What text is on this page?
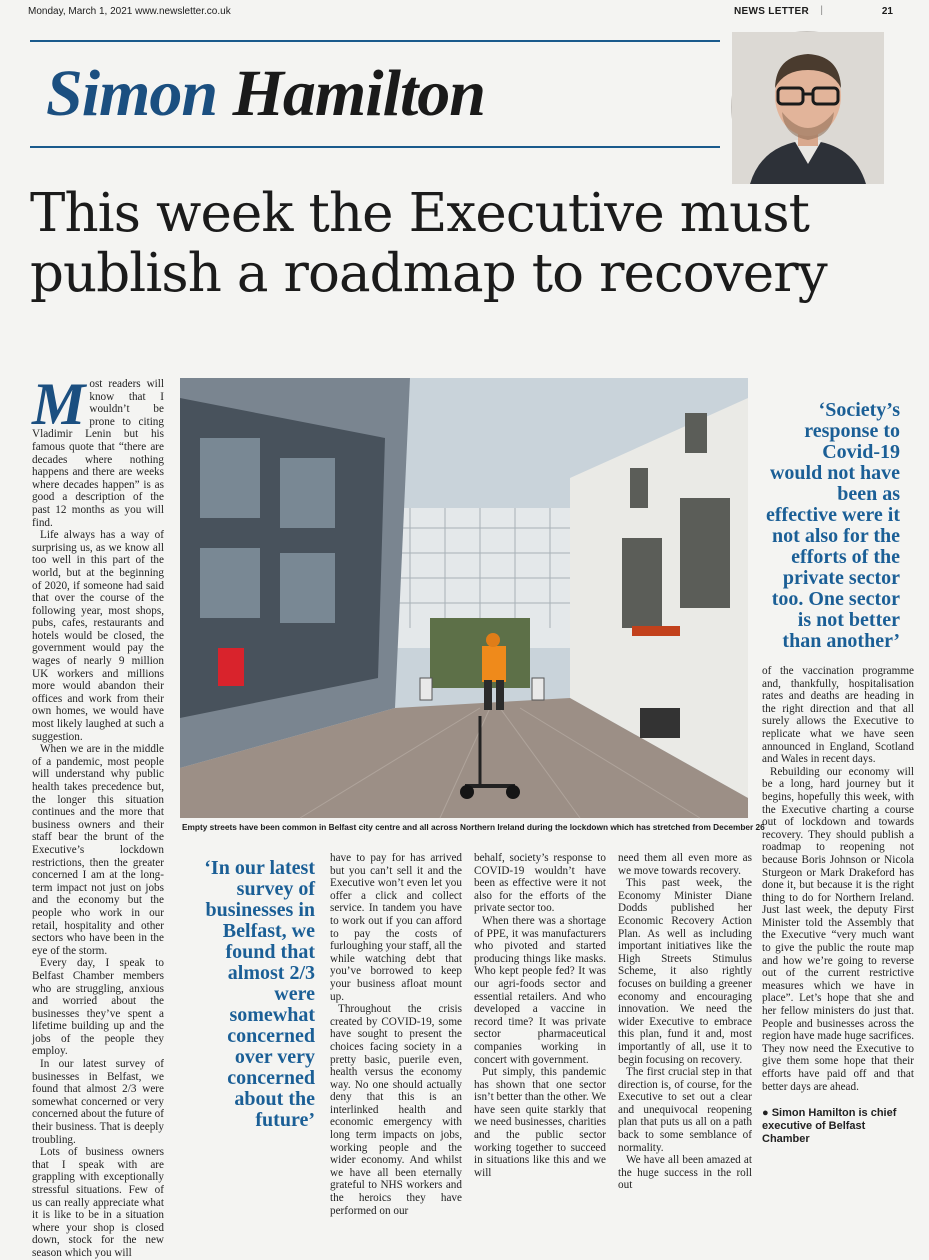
Monday, March 1, 2021 www.newsletter.co.uk	NEWS LETTER |	21
Simon Hamilton
This week the Executive must
publish a roadmap to recovery
M ost readers will know that I wouldn’t be prone to citing Vladimir Lenin but his famous quote that “there are decades where nothing happens and there are weeks where decades happen” is as good a description of the past 12 months as you will find.

Life always has a way of surprising us, as we know all too well in this part of the world, but at the beginning of 2020, if someone had said that over the course of the following year, most shops, pubs, cafes, restaurants and hotels would be closed, the government would pay the wages of nearly 9 million UK workers and millions more would abandon their offices and work from their own homes, we would have most likely laughed at such a suggestion.

When we are in the middle of a pandemic, most people will understand why public health takes precedence but, the longer this situation continues and the more that business owners and their staff bear the brunt of the Executive’s lockdown restrictions, then the greater concerned I am at the long-term impact not just on jobs and the economy but the people who work in our retail, hospitality and other sectors who have been in the eye of the storm.

Every day, I speak to Belfast Chamber members who are struggling, anxious and worried about the businesses they’ve spent a lifetime building up and the jobs of the people they employ.

In our latest survey of businesses in Belfast, we found that almost 2/3 were somewhat concerned or very concerned about the future of their business. That is deeply troubling.

Lots of business owners that I speak with are grappling with exceptionally stressful situations. Few of us can really appreciate what it is like to be in a situation where your shop is closed down, stock for the new season which you will

Empty streets have been common in Belfast city centre and all across Northern Ireland during the lockdown which has stretched from December 26
‘Society’s response to Covid-19 would not have been as effective were it not also for the efforts of the private sector too. One sector is not better than another’

of the vaccination programme and, thankfully, hospitalisation rates and deaths are heading in the right direction and that all surely allows the Executive to replicate what we have seen announced in England, Scotland and Wales in recent days.

Rebuilding our economy will be a long, hard journey but it begins, hopefully this week, with the Executive charting a course out of lockdown and towards recovery. They should publish a roadmap to reopening not because Boris Johnson or Nicola Sturgeon or Mark Drakeford has done it, but because it is the right thing to do for Northern Ireland. Just last week, the deputy First Minister told the Assembly that the Executive “very much want to give the public the route map and how we’re going to reverse out of the current restrictive measures which we have in place”. Let’s hope that she and her fellow ministers do just that. People and businesses across the region have made huge sacrifices. They now need the Executive to give them some hope that their efforts have paid off and that better days are ahead.

● Simon Hamilton is chief executive of Belfast Chamber
‘In our latest survey of businesses in Belfast, we found that almost 2/3 were somewhat concerned over very concerned about the future’

have to pay for has arrived but you can’t sell it and the Executive won’t even let you offer a click and collect service. In tandem you have to work out if you can afford to pay the costs of furloughing your staff, all the while watching debt that you’ve borrowed to keep your business afloat mount up.

Throughout the crisis created by COVID-19, some have sought to present the choices facing society in a pretty basic, puerile even, health versus the economy way. No one should actually deny that this is an interlinked health and economic emergency with long term impacts on jobs, working people and the wider economy. And whilst we have all been eternally grateful to NHS workers and the heroics they have performed on our

behalf, society’s response to COVID-19 wouldn’t have been as effective were it not also for the efforts of the private sector too.

When there was a shortage of PPE, it was manufacturers who pivoted and started producing things like masks. Who kept people fed? It was our agri-foods sector and essential retailers. And who developed a vaccine in record time? It was private sector pharmaceutical companies working in concert with government.

Put simply, this pandemic has shown that one sector isn’t better than the other. We have seen quite starkly that we need businesses, charities and the public sector working together to succeed in situations like this and we will

need them all even more as we move towards recovery.

This past week, the Economy Minister Diane Dodds published her Economic Recovery Action Plan. As well as including important initiatives like the High Streets Stimulus Scheme, it also rightly focuses on building a greener economy and encouraging innovation. We need the wider Executive to embrace this plan, fund it and, most importantly of all, use it to begin focusing on recovery.

The first crucial step in that direction is, of course, for the Executive to set out a clear and unequivocal reopening plan that puts us all on a path back to some semblance of normality.

We have all been amazed at the huge success in the roll out
